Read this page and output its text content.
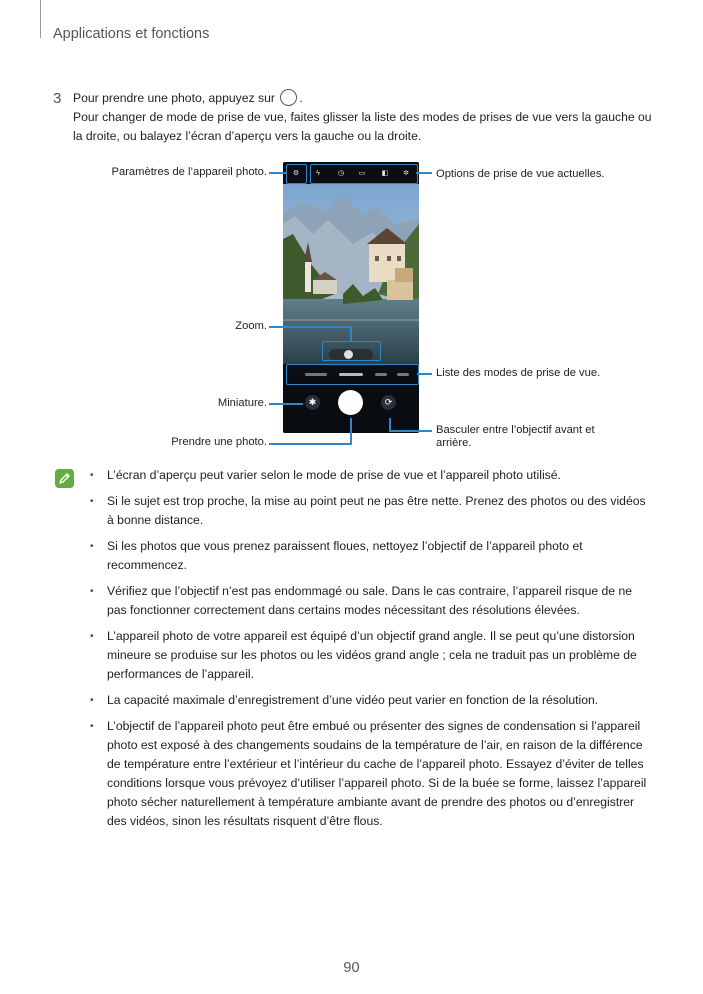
Applications et fonctions
3 Pour prendre une photo, appuyez sur .
Pour changer de mode de prise de vue, faites glisser la liste des modes de prises de vue vers la gauche ou la droite, ou balayez l’écran d’aperçu vers la gauche ou la droite.
⚙	ϟ	◷ ▭ ◧ ✲
✱	⟳
Paramètres de l’appareil photo.	Options de prise de vue actuelles.
Zoom.
Liste des modes de prise de vue.
Miniature.
Basculer entre l’objectif avant et
arrière.
Prendre une photo.
• L’écran d’aperçu peut varier selon le mode de prise de vue et l’appareil photo utilisé.
• Si le sujet est trop proche, la mise au point peut ne pas être nette. Prenez des photos ou des vidéos à bonne distance.
• Si les photos que vous prenez paraissent floues, nettoyez l’objectif de l’appareil photo et recommencez.
• Vérifiez que l’objectif n’est pas endommagé ou sale. Dans le cas contraire, l’appareil risque de ne pas fonctionner correctement dans certains modes nécessitant des résolutions élevées.
• L’appareil photo de votre appareil est équipé d’un objectif grand angle. Il se peut qu’une distorsion mineure se produise sur les photos ou les vidéos grand angle ; cela ne traduit pas un problème de performances de l’appareil.
• La capacité maximale d’enregistrement d’une vidéo peut varier en fonction de la résolution.
• L’objectif de l’appareil photo peut être embué ou présenter des signes de condensation si l’appareil photo est exposé à des changements soudains de la température de l’air, en raison de la différence de température entre l’extérieur et l’intérieur du cache de l’appareil photo. Essayez d’éviter de telles conditions lorsque vous prévoyez d’utiliser l’appareil photo. Si de la buée se forme, laissez l’appareil photo sécher naturellement à température ambiante avant de prendre des photos ou d’enregistrer des vidéos, sinon les résultats risquent d’être flous.
90
